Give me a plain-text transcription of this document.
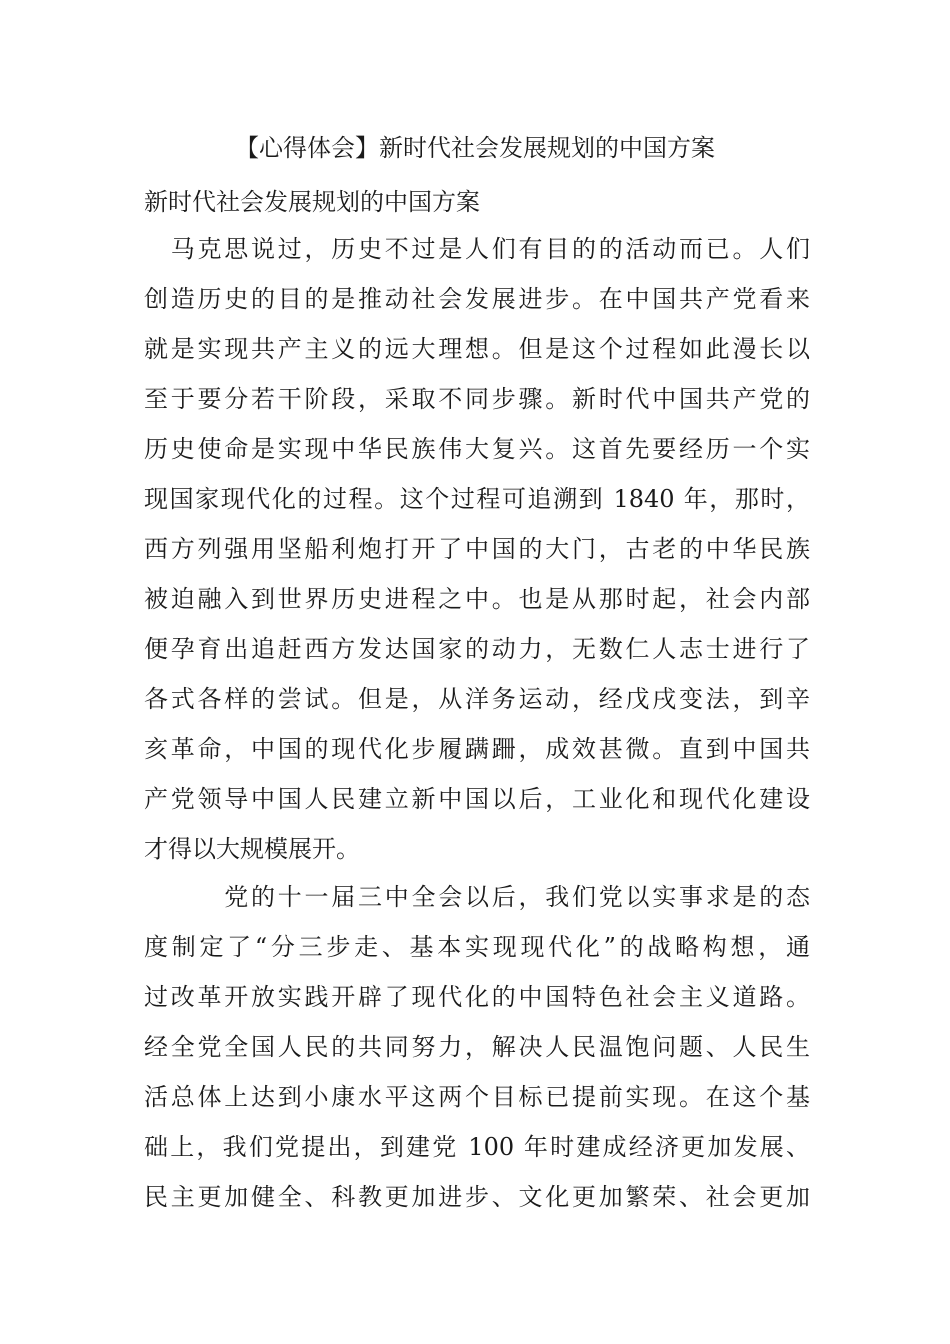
【心得体会】新时代社会发展规划的中国方案
新时代社会发展规划的中国方案
　马克思说过，历史不过是人们有目的的活动而已。人们
创造历史的目的是推动社会发展进步。在中国共产党看来
就是实现共产主义的远大理想。但是这个过程如此漫长以
至于要分若干阶段，采取不同步骤。新时代中国共产党的
历史使命是实现中华民族伟大复兴。这首先要经历一个实
现国家现代化的过程。这个过程可追溯到 1840 年，那时，
西方列强用坚船利炮打开了中国的大门，古老的中华民族
被迫融入到世界历史进程之中。也是从那时起，社会内部
便孕育出追赶西方发达国家的动力，无数仁人志士进行了
各式各样的尝试。但是，从洋务运动，经戊戌变法，到辛
亥革命，中国的现代化步履蹒跚，成效甚微。直到中国共
产党领导中国人民建立新中国以后，工业化和现代化建设
才得以大规模展开。
　　　党的十一届三中全会以后，我们党以实事求是的态
度制定了“分三步走、基本实现现代化”的战略构想，通
过改革开放实践开辟了现代化的中国特色社会主义道路。
经全党全国人民的共同努力，解决人民温饱问题、人民生
活总体上达到小康水平这两个目标已提前实现。在这个基
础上，我们党提出，到建党 100 年时建成经济更加发展、
民主更加健全、科教更加进步、文化更加繁荣、社会更加
